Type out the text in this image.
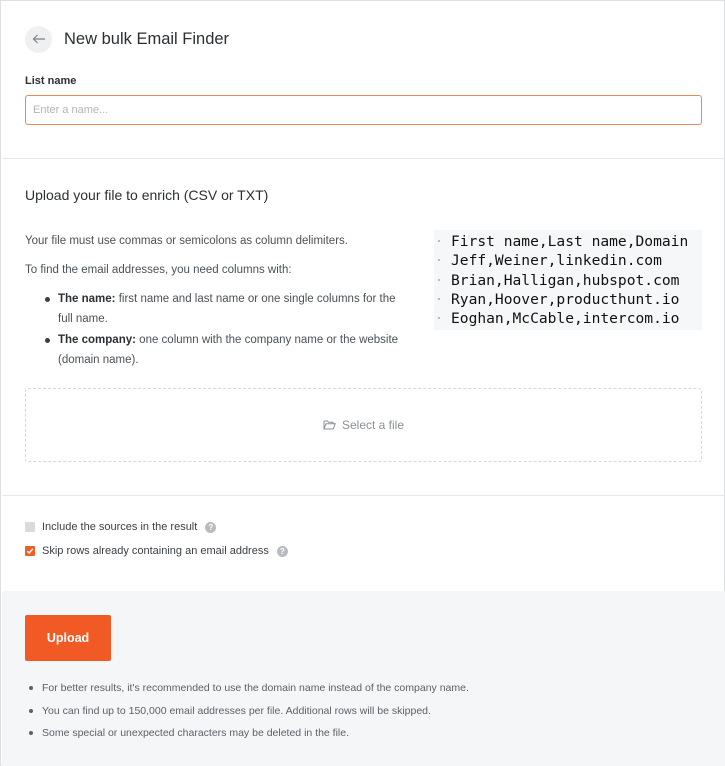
New bulk Email Finder
List name
Enter a name...
Upload your file to enrich (CSV or TXT)
Your file must use commas or semicolons as column delimiters.
To find the email addresses, you need columns with:
The name: first name and last name or one single columns for the full name.
The company: one column with the company name or the website (domain name).
First name,Last name,Domain
Jeff,Weiner,linkedin.com
Brian,Halligan,hubspot.com
Ryan,Hoover,producthunt.io
Eoghan,McCable,intercom.io
Select a file
Include the sources in the result	?
Skip rows already containing an email address	?
Upload
For better results, it's recommended to use the domain name instead of the company name.
You can find up to 150,000 email addresses per file. Additional rows will be skipped.
Some special or unexpected characters may be deleted in the file.
